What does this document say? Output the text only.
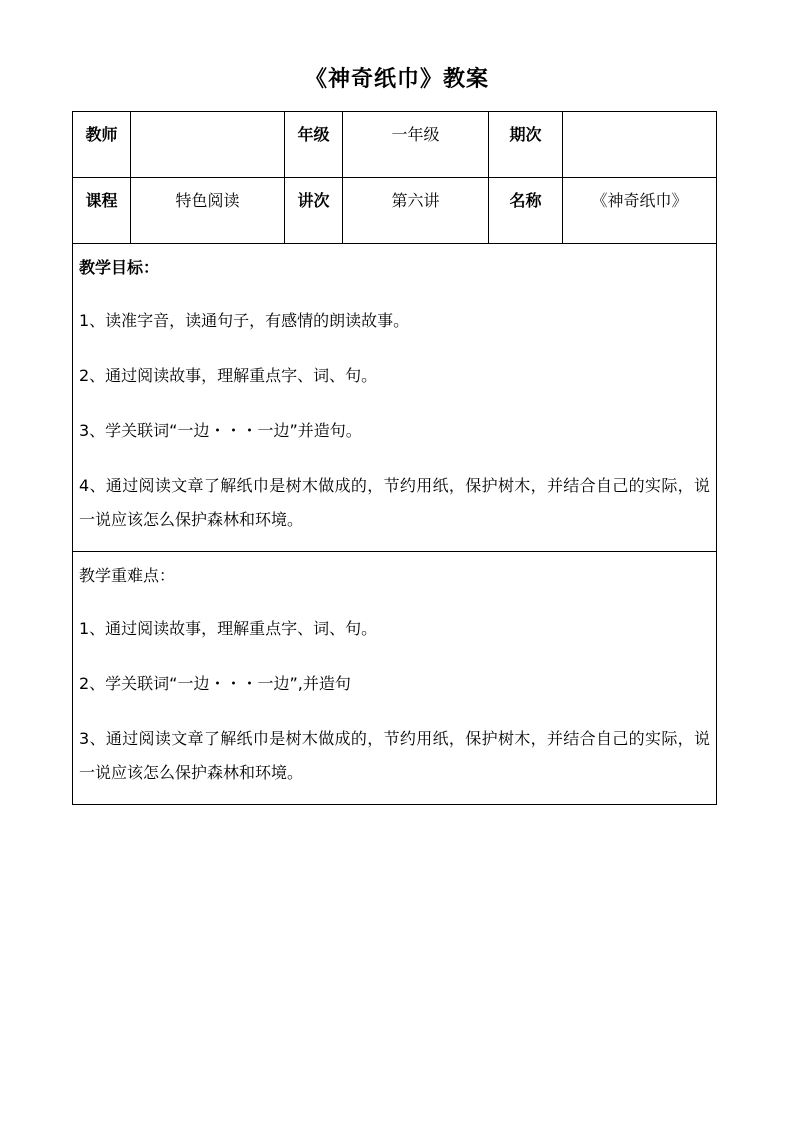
《神奇纸巾》教案
教师		年级	一年级	期次	
课程	特色阅读	讲次	第六讲	名称	《神奇纸巾》

教学目标：
1、读准字音，读通句子，有感情的朗读故事。
2、通过阅读故事，理解重点字、词、句。
3、学关联词“一边・・・一边”并造句。
4、通过阅读文章了解纸巾是树木做成的，节约用纸，保护树木，并结合自己的实际，说一说应该怎么保护森林和环境。					

教学重难点：
1、通过阅读故事，理解重点字、词、句。
2、学关联词“一边・・・一边”,并造句
3、通过阅读文章了解纸巾是树木做成的，节约用纸，保护树木，并结合自己的实际，说一说应该怎么保护森林和环境。					
